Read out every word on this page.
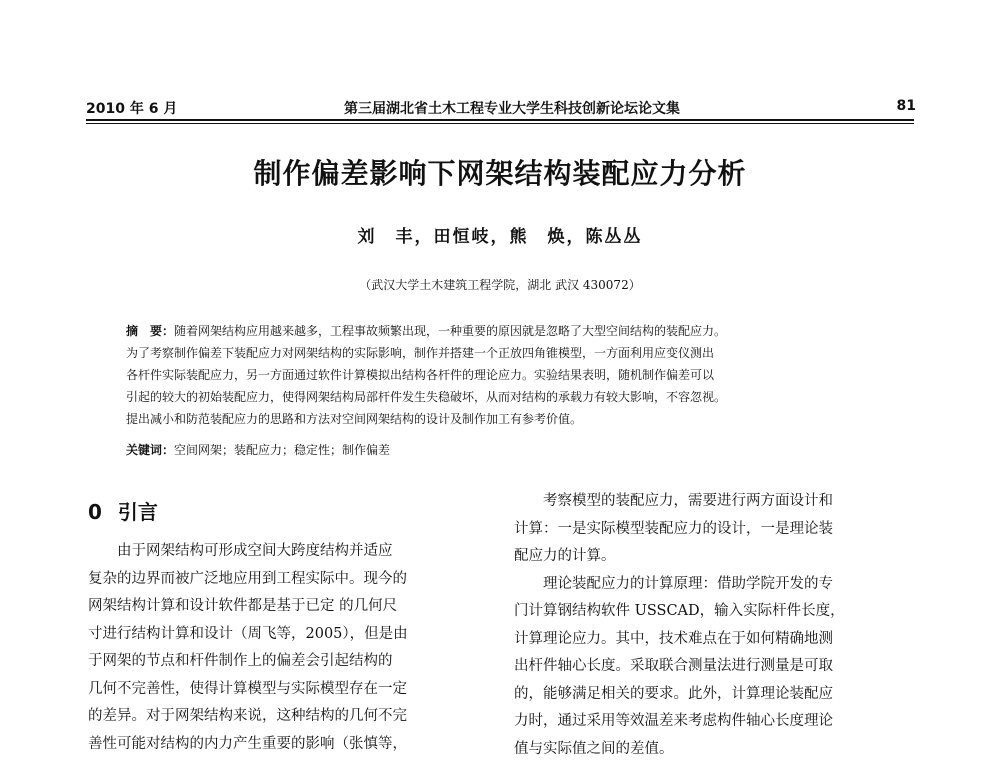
2010 年 6 月	第三届湖北省土木工程专业大学生科技创新论坛论文集	81
制作偏差影响下网架结构装配应力分析
刘　丰，田恒岐，熊　焕，陈丛丛
（武汉大学土木建筑工程学院，湖北 武汉 430072）
摘　要：随着网架结构应用越来越多，工程事故频繁出现，一种重要的原因就是忽略了大型空间结构的装配应力。
为了考察制作偏差下装配应力对网架结构的实际影响，制作并搭建一个正放四角锥模型，一方面利用应变仪测出
各杆件实际装配应力，另一方面通过软件计算模拟出结构各杆件的理论应力。实验结果表明，随机制作偏差可以
引起的较大的初始装配应力，使得网架结构局部杆件发生失稳破坏，从而对结构的承载力有较大影响，不容忽视。
提出减小和防范装配应力的思路和方法对空间网架结构的设计及制作加工有参考价值。
关键词：空间网架；装配应力；稳定性；制作偏差
0 引言
　　由于网架结构可形成空间大跨度结构并适应
复杂的边界而被广泛地应用到工程实际中。现今的
网架结构计算和设计软件都是基于已定 的几何尺
寸进行结构计算和设计（周飞等，2005），但是由
于网架的节点和杆件制作上的偏差会引起结构的
几何不完善性，使得计算模型与实际模型存在一定
的差异。对于网架结构来说，这种结构的几何不完
善性可能对结构的内力产生重要的影响（张慎等，
　　考察模型的装配应力，需要进行两方面设计和
计算：一是实际模型装配应力的设计，一是理论装
配应力的计算。
　　理论装配应力的计算原理：借助学院开发的专
门计算钢结构软件 USSCAD，输入实际杆件长度，
计算理论应力。其中，技术难点在于如何精确地测
出杆件轴心长度。采取联合测量法进行测量是可取
的，能够满足相关的要求。此外，计算理论装配应
力时，通过采用等效温差来考虑构件轴心长度理论
值与实际值之间的差值。
